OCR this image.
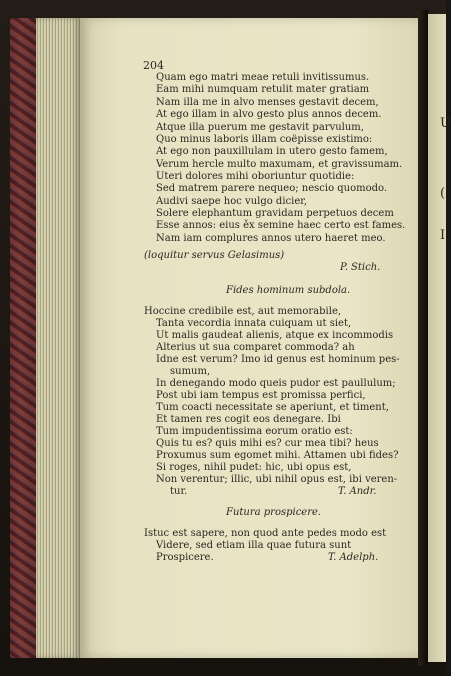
U
(
I
204
Quam ego matri meae retuli invitissumus.
Eam mihi numquam retulit mater gratiam
Nam illa me in alvo menses gestavit decem,
At ego illam in alvo gesto plus annos decem.
Atque illa puerum me gestavit parvulum,
Quo minus laboris illam coëpisse existimo:
At ego non pauxillulam in utero gesto famem,
Verum hercle multo maxumam, et gravissumam.
Uteri dolores mihi oboriuntur quotidie:
Sed matrem parere nequeo; nescio quomodo.
Audivi saepe hoc vulgo dicier,
Solere elephantum gravidam perpetuos decem
Esse annos: eius ěx semine haec certo est fames.
Nam iam complures annos utero haeret meo.
(loquitur servus Gelasimus)
P. Stich.
Fides hominum subdola.
Hoccine credibile est, aut memorabile,
Tanta vecordia innata cuiquam ut siet,
Ut malis gaudeat alienis, atque ex incommodis
Alterius ut sua comparet commoda? ah
Idne est verum? Imo id genus est hominum pes-
sumum,
In denegando modo queis pudor est paullulum;
Post ubi iam tempus est promissa perfici,
Tum coacti necessitate se aperiunt, et timent,
Et tamen res cogit eos denegare. Ibi
Tum impudentissima eorum oratio est:
Quis tu es? quis mihi es? cur mea tibi? heus
Proxumus sum egomet mihi. Attamen ubi fides?
Si roges, nihil pudet: hic, ubi opus est,
Non verentur; illic, ubi nihil opus est, ibi veren-
tur.	T. Andr.
Futura prospicere.
Istuc est sapere, non quod ante pedes modo est
Videre, sed etiam illa quae futura sunt
Prospicere.	T. Adelph.
